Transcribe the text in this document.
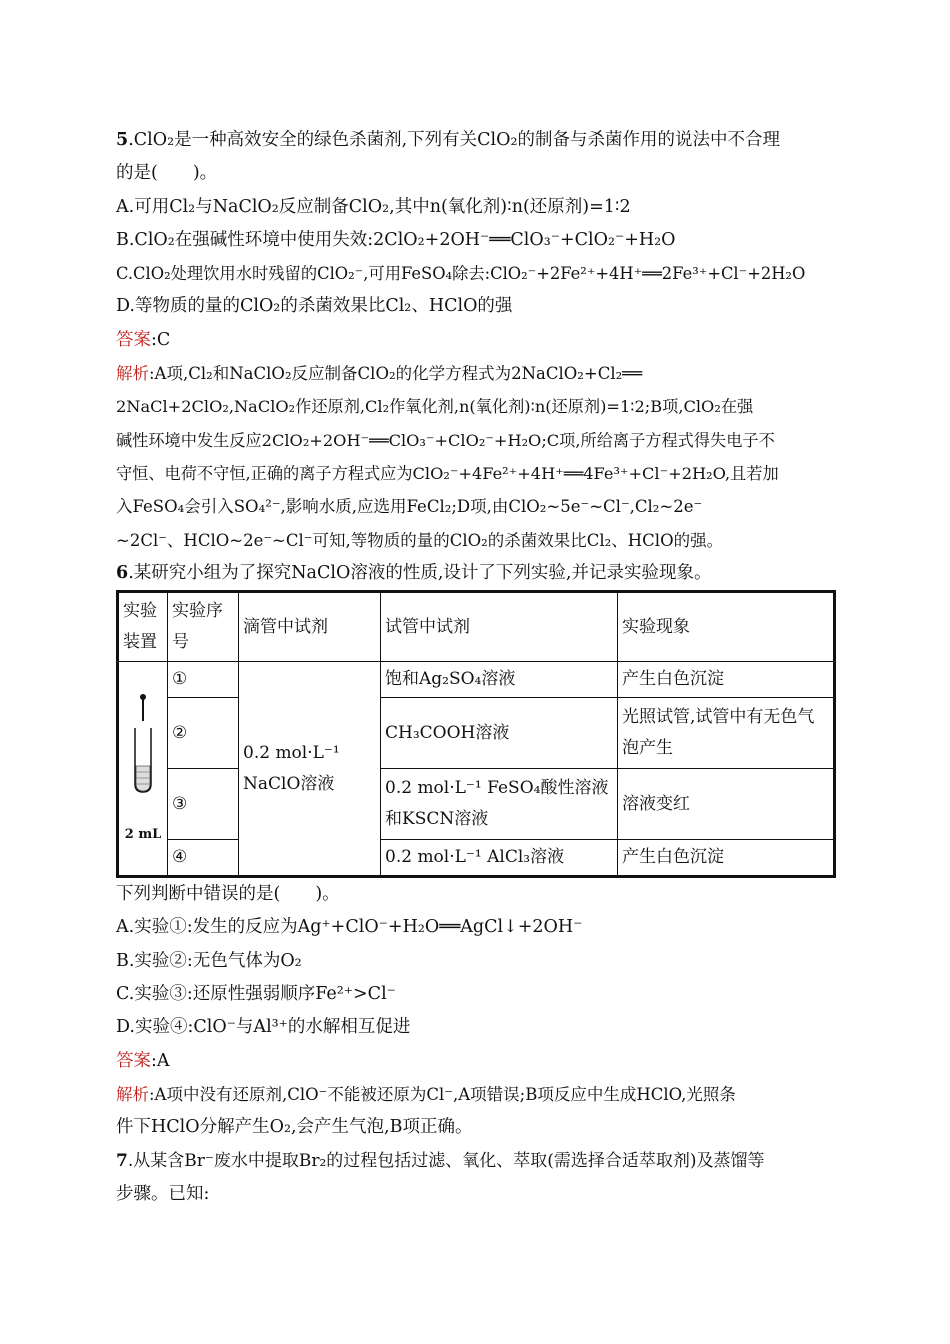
5.ClO₂是一种高效安全的绿色杀菌剂,下列有关ClO₂的制备与杀菌作用的说法中不合理
的是(　　)。
A.可用Cl₂与NaClO₂反应制备ClO₂,其中n(氧化剂)∶n(还原剂)=1∶2
B.ClO₂在强碱性环境中使用失效:2ClO₂+2OH⁻══ClO₃⁻+ClO₂⁻+H₂O
C.ClO₂处理饮用水时残留的ClO₂⁻,可用FeSO₄除去:ClO₂⁻+2Fe²⁺+4H⁺══2Fe³⁺+Cl⁻+2H₂O
D.等物质的量的ClO₂的杀菌效果比Cl₂、HClO的强
答案:C
解析:A项,Cl₂和NaClO₂反应制备ClO₂的化学方程式为2NaClO₂+Cl₂══
2NaCl+2ClO₂,NaClO₂作还原剂,Cl₂作氧化剂,n(氧化剂)∶n(还原剂)=1∶2;B项,ClO₂在强
碱性环境中发生反应2ClO₂+2OH⁻══ClO₃⁻+ClO₂⁻+H₂O;C项,所给离子方程式得失电子不
守恒、电荷不守恒,正确的离子方程式应为ClO₂⁻+4Fe²⁺+4H⁺══4Fe³⁺+Cl⁻+2H₂O,且若加
入FeSO₄会引入SO₄²⁻,影响水质,应选用FeCl₂;D项,由ClO₂~5e⁻~Cl⁻,Cl₂~2e⁻
~2Cl⁻、HClO~2e⁻~Cl⁻可知,等物质的量的ClO₂的杀菌效果比Cl₂、HClO的强。
6.某研究小组为了探究NaClO溶液的性质,设计了下列实验,并记录实验现象。
实验装置	实验序号	滴管中试剂	试管中试剂	实验现象

2 mL	①	0.2 mol·L⁻¹
NaClO溶液	饱和Ag₂SO₄溶液	产生白色沉淀
	②		CH₃COOH溶液	光照试管,试管中有无色气泡产生
	③		0.2 mol·L⁻¹ FeSO₄酸性溶液和KSCN溶液	溶液变红
	④		0.2 mol·L⁻¹ AlCl₃溶液	产生白色沉淀
下列判断中错误的是(　　)。
A.实验①:发生的反应为Ag⁺+ClO⁻+H₂O══AgCl↓+2OH⁻
B.实验②:无色气体为O₂
C.实验③:还原性强弱顺序Fe²⁺>Cl⁻
D.实验④:ClO⁻与Al³⁺的水解相互促进
答案:A
解析:A项中没有还原剂,ClO⁻不能被还原为Cl⁻,A项错误;B项反应中生成HClO,光照条
件下HClO分解产生O₂,会产生气泡,B项正确。
7.从某含Br⁻废水中提取Br₂的过程包括过滤、氧化、萃取(需选择合适萃取剂)及蒸馏等
步骤。已知:
